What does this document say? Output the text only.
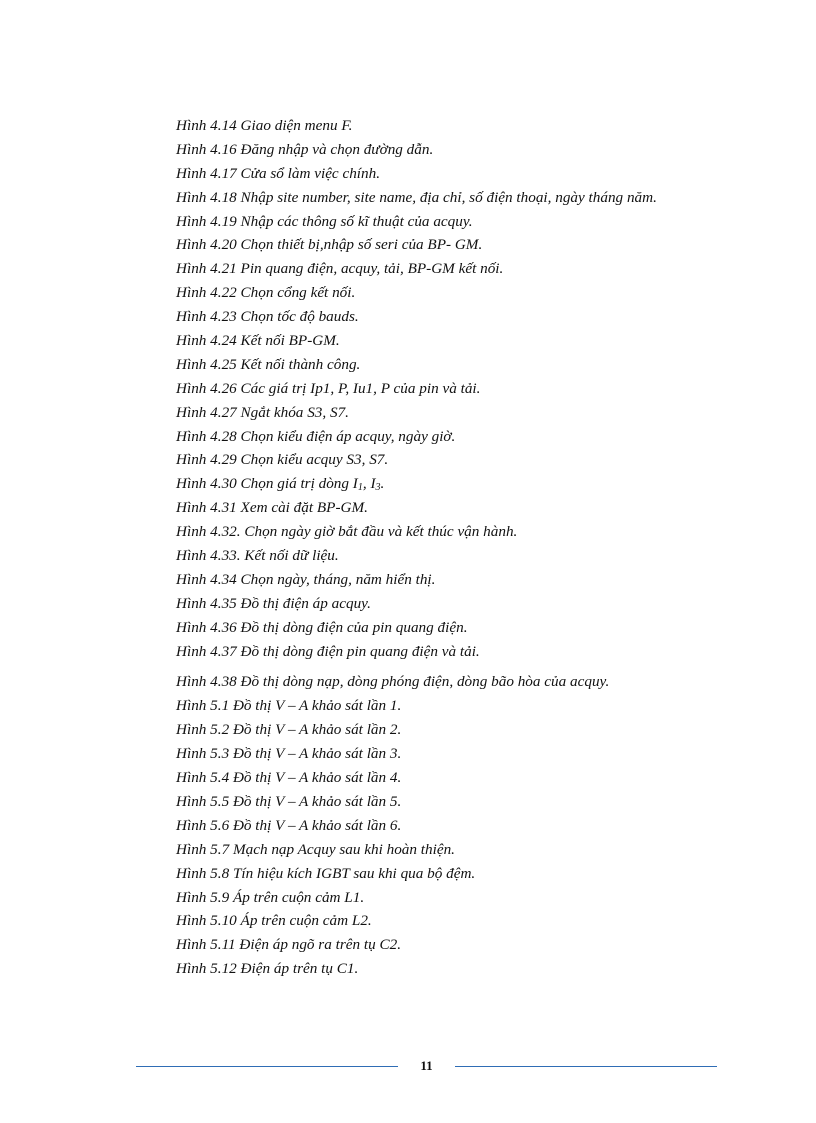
Hình 4.14 Giao diện menu F.
Hình 4.16 Đăng nhập và chọn đường dẫn.
Hình 4.17 Cửa sổ làm việc chính.
Hình 4.18 Nhập site number, site name, địa chỉ, số điện thoại, ngày tháng năm.
Hình 4.19 Nhập các thông số kĩ thuật của acquy.
Hình 4.20 Chọn thiết bị,nhập số seri của BP- GM.
Hình 4.21 Pin quang điện, acquy, tải, BP-GM kết nối.
Hình 4.22 Chọn cổng kết nối.
Hình 4.23 Chọn tốc độ bauds.
Hình 4.24 Kết nối BP-GM.
Hình 4.25 Kết nối thành công.
Hình 4.26 Các giá trị Ip1, P, Iu1, P của pin và tải.
Hình 4.27 Ngắt khóa S3, S7.
Hình 4.28 Chọn kiểu điện áp acquy, ngày giờ.
Hình 4.29 Chọn kiểu acquy S3, S7.
Hình 4.30 Chọn giá trị dòng $I_1$, $I_3$.
Hình 4.31 Xem cài đặt BP-GM.
Hình 4.32. Chọn ngày giờ bắt đầu và kết thúc vận hành.
Hình 4.33. Kết nối dữ liệu.
Hình 4.34 Chọn ngày, tháng, năm hiển thị.
Hình 4.35 Đồ thị điện áp acquy.
Hình 4.36 Đồ thị dòng điện của pin quang điện.
Hình 4.37 Đồ thị dòng điện pin quang điện và tải.
Hình 4.38 Đồ thị dòng nạp, dòng phóng điện, dòng bão hòa của acquy.
Hình 5.1 Đồ thị V – A khảo sát lần 1.
Hình 5.2 Đồ thị V – A khảo sát lần 2.
Hình 5.3 Đồ thị V – A khảo sát lần 3.
Hình 5.4 Đồ thị V – A khảo sát lần 4.
Hình 5.5 Đồ thị V – A khảo sát lần 5.
Hình 5.6 Đồ thị V – A khảo sát lần 6.
Hình 5.7 Mạch nạp Acquy sau khi hoàn thiện.
Hình 5.8 Tín hiệu kích IGBT sau khi qua bộ đệm.
Hình 5.9 Áp trên cuộn cảm L1.
Hình 5.10 Áp trên cuộn cảm L2.
Hình 5.11 Điện áp ngõ ra trên tụ C2.
Hình 5.12 Điện áp trên tụ C1.
11
